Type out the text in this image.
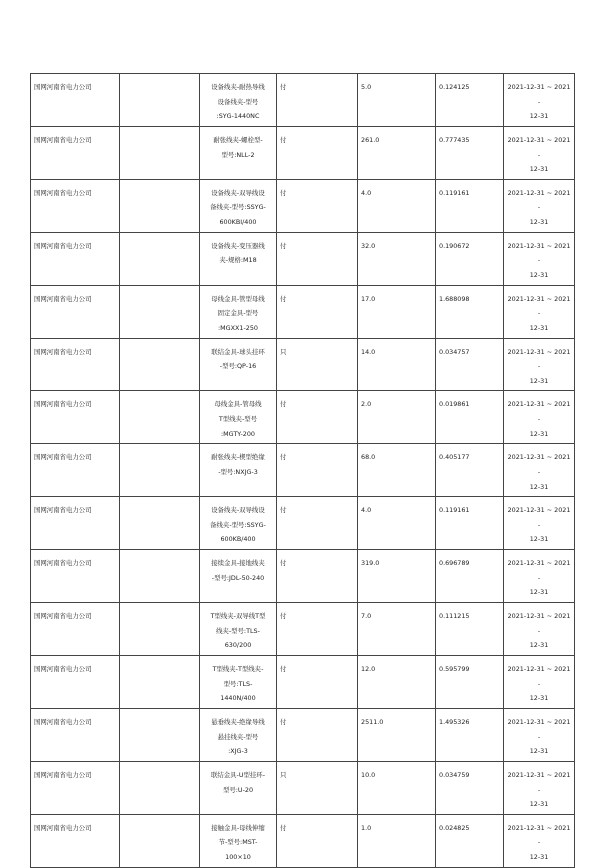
国网河南省电力公司		设备线夹-耐热导线
设备线夹-型号
:SYG-1440NC	付	5.0	0.124125	2021-12-31 ~ 2021-
12-31

国网河南省电力公司		耐张线夹-螺栓型-
型号:NLL-2	付	261.0	0.777435	2021-12-31 ~ 2021-
12-31

国网河南省电力公司		设备线夹-双导线设
备线夹-型号:SSYG-
600KBI/400	付	4.0	0.119161	2021-12-31 ~ 2021-
12-31

国网河南省电力公司		设备线夹-变压器线
夹-规格:M18	付	32.0	0.190672	2021-12-31 ~ 2021-
12-31

国网河南省电力公司		母线金具-管型母线
固定金具-型号
:MGXX1-250	付	17.0	1.688098	2021-12-31 ~ 2021-
12-31

国网河南省电力公司		联结金具-球头挂环
-型号:QP-16	只	14.0	0.034757	2021-12-31 ~ 2021-
12-31

国网河南省电力公司		母线金具-管母线
T型线夹-型号
:MGTY-200	付	2.0	0.019861	2021-12-31 ~ 2021-
12-31

国网河南省电力公司		耐张线夹-楔型绝缘
-型号:NXJG-3	付	68.0	0.405177	2021-12-31 ~ 2021-
12-31

国网河南省电力公司		设备线夹-双导线设
备线夹-型号:SSYG-
600KB/400	付	4.0	0.119161	2021-12-31 ~ 2021-
12-31

国网河南省电力公司		接续金具-接地线夹
-型号:JDL-50-240	付	319.0	0.696789	2021-12-31 ~ 2021-
12-31

国网河南省电力公司		T型线夹-双导线T型
线夹-型号:TLS-
630/200	付	7.0	0.111215	2021-12-31 ~ 2021-
12-31

国网河南省电力公司		T型线夹-T型线夹-
型号:TLS-
1440N/400	付	12.0	0.595799	2021-12-31 ~ 2021-
12-31

国网河南省电力公司		悬垂线夹-绝缘导线
悬挂线夹-型号
:XJG-3	付	2511.0	1.495326	2021-12-31 ~ 2021-
12-31

国网河南省电力公司		联结金具-U型挂环-
型号:U-20	只	10.0	0.034759	2021-12-31 ~ 2021-
12-31

国网河南省电力公司		接触金具-母线伸缩
节-型号:MST-
100×10	付	1.0	0.024825	2021-12-31 ~ 2021-
12-31
